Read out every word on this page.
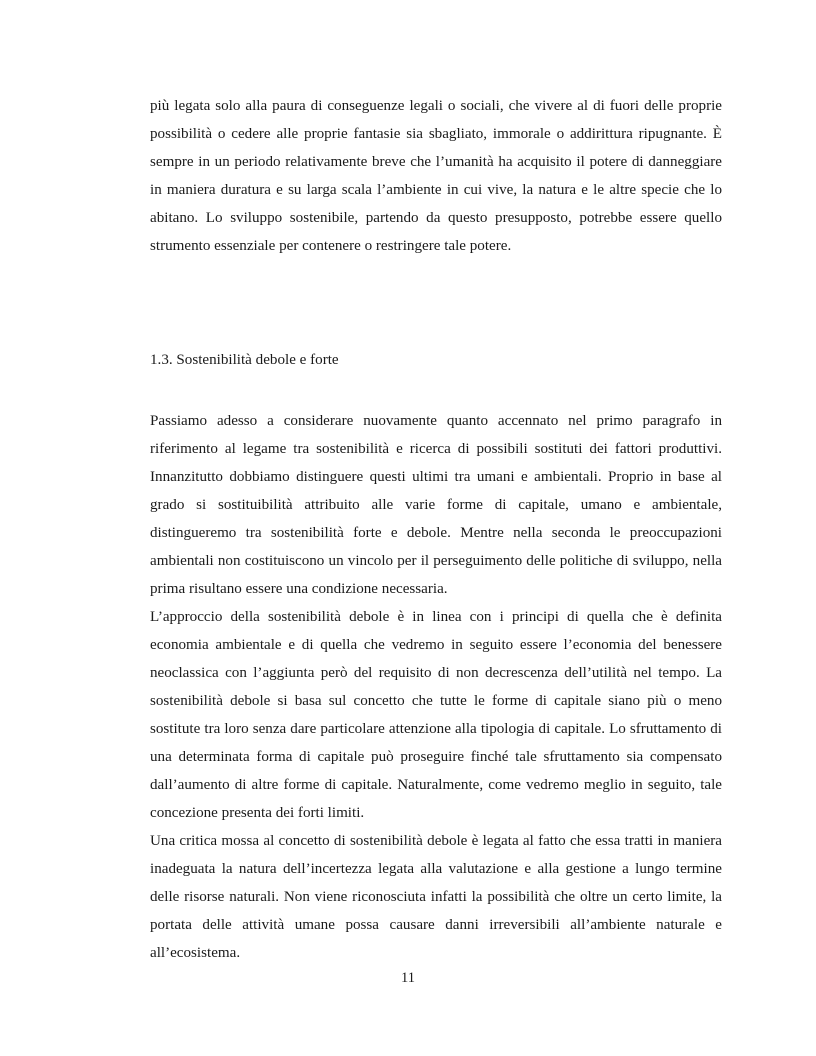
più legata solo alla paura di conseguenze legali o sociali, che vivere al di fuori delle proprie possibilità o cedere alle proprie fantasie sia sbagliato, immorale o addirittura ripugnante. È sempre in un periodo relativamente breve che l’umanità ha acquisito il potere di danneggiare in maniera duratura e su larga scala l’ambiente in cui vive, la natura e le altre specie che lo abitano. Lo sviluppo sostenibile, partendo da questo presupposto, potrebbe essere quello strumento essenziale per contenere o restringere tale potere.

1.3. Sostenibilità debole e forte

Passiamo adesso a considerare nuovamente quanto accennato nel primo paragrafo in riferimento al legame tra sostenibilità e ricerca di possibili sostituti dei fattori produttivi. Innanzitutto dobbiamo distinguere questi ultimi tra umani e ambientali. Proprio in base al grado si sostituibilità attribuito alle varie forme di capitale, umano e ambientale, distingueremo tra sostenibilità forte e debole. Mentre nella seconda le preoccupazioni ambientali non costituiscono un vincolo per il perseguimento delle politiche di sviluppo, nella prima risultano essere una condizione necessaria.

L’approccio della sostenibilità debole è in linea con i principi di quella che è definita economia ambientale e di quella che vedremo in seguito essere l’economia del benessere neoclassica con l’aggiunta però del requisito di non decrescenza dell’utilità nel tempo. La sostenibilità debole si basa sul concetto che tutte le forme di capitale siano più o meno sostitute tra loro senza dare particolare attenzione alla tipologia di capitale. Lo sfruttamento di una determinata forma di capitale può proseguire finché tale sfruttamento sia compensato dall’aumento di altre forme di capitale. Naturalmente, come vedremo meglio in seguito, tale concezione presenta dei forti limiti.

Una critica mossa al concetto di sostenibilità debole è legata al fatto che essa tratti in maniera inadeguata la natura dell’incertezza legata alla valutazione e alla gestione a lungo termine delle risorse naturali. Non viene riconosciuta infatti la possibilità che oltre un certo limite, la portata delle attività umane possa causare danni irreversibili all’ambiente naturale e all’ecosistema.

11
